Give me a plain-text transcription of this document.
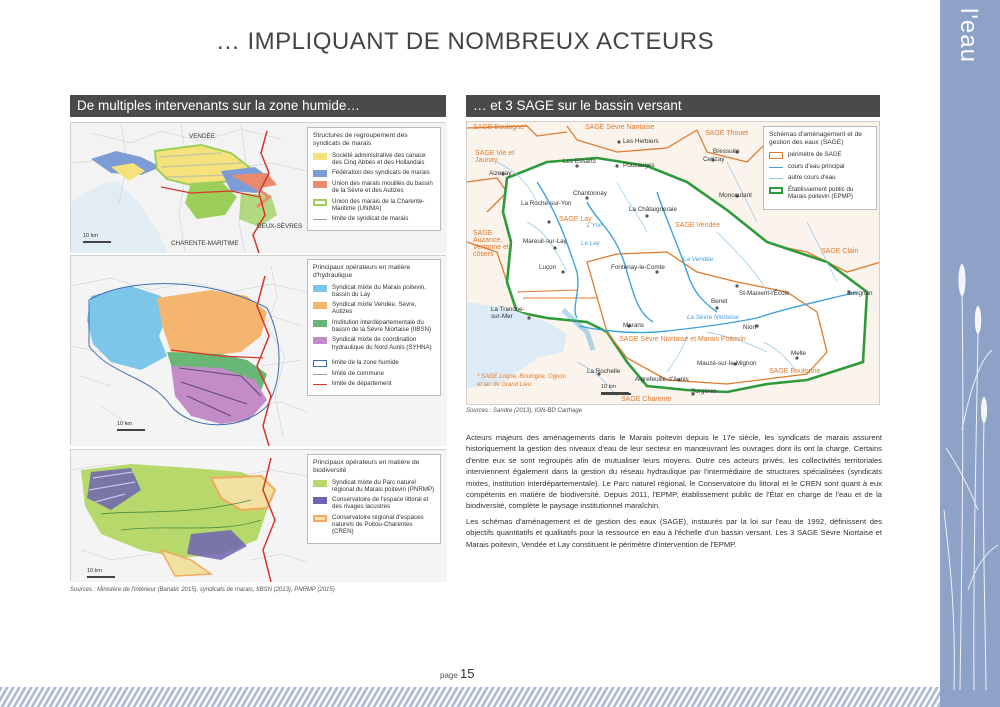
… IMPLIQUANT DE NOMBREUX ACTEURS	l'eau
De multiples intervenants sur la zone humide…
VENDÉE
DEUX-SÈVRES
CHARENTE-MARITIME
10 km
Structures de regroupement des syndicats de marais
Société administrative des canaux des Cinq Abbés et des Hollandais
Fédération des syndicats de marais
Union des marais mouillés du bassin de la Sèvre et des Autizes
Union des marais de la Charente-Maritime (UNIMA)
limite de syndicat de marais
10 km
Principaux opérateurs en matière d'hydraulique
Syndicat mixte du Marais poitevin, bassin du Lay
Syndicat mixte Vendée, Sèvre, Autizes
Institution interdépartementale du bassin de la Sèvre Niortaise (IIBSN)
Syndicat mixte de coordination hydraulique du Nord Aunis (SYHNA)
limite de la zone humide
limite de commune
limite de département
10 km
Principaux opérateurs en matière de biodiversité
Syndicat mixte du Parc naturel régional du Marais poitevin (PNRMP)
Conservatoire de l'espace littoral et des rivages lacustres
Conservatoire régional d'espaces naturels de Poitou-Charentes (CREN)
Sources : Ministère de l'Intérieur (Banatic 2015), syndicats de marais, IIBSN (2013), PNRMP (2015)
… et 3 SAGE sur le bassin versant
SAGE Boulogne*	SAGE Sèvre Nantaise
SAGE Thouet
SAGE Vie et Jaunay
SAGE Lay
SAGE Vendée
SAGE Auzance, Vertonne et côtiers	SAGE Clain
SAGE Sèvre Niortaise et Marais Poitevin
SAGE Boutonne
SAGE Charente
Les Herbiers
Bressuire
Les Essarts
Pouzauges
Cerizay
Aizenay
Chantonnay	Moncoutant
La Roche-sur-Yon
La Châtaigneraie
Mareuil-sur-Lay
Luçon	Fontenay-le-Comte
St-Maixent-l'École	Lusignan
Benet
La Tranche-sur-Mer
Marans	Niort
La Rochelle
Melle
Mauzé-sur-le-Mignon
Aigrefeuille-d'Aunis
Surgères
Le Lay
L'Yon
La Vendée
La Sèvre Niortaise
* SAGE Logne, Boulogne, Ognon et lac de Grand Lieu	10 km
Schémas d'aménagement et de gestion des eaux (SAGE)
périmètre de SAGE
cours d'eau principal
autre cours d'eau
Établissement public du Marais poitevin (EPMP)
Sources : Sandre (2013), IGN-BD Carthage

Acteurs majeurs des aménagements dans le Marais poitevin depuis le 17e siècle, les syndicats de marais assurent historiquement la gestion des niveaux d'eau de leur secteur en manœuvrant les ouvrages dont ils ont la charge. Certains d'entre eux se sont regroupés afin de mutualiser leurs moyens. Outre ces acteurs privés, les collectivités territoriales interviennent également dans la gestion du réseau hydraulique par l'intermédiaire de structures spécialisées (syndicats mixtes, institution interdépartementale). Le Parc naturel régional, le Conservatoire du littoral et le CREN sont quant à eux compétents en matière de biodiversité. Depuis 2011, l'EPMP, établissement public de l'État en charge de l'eau et de la biodiversité, complète le paysage institutionnel maraîchin.

Les schémas d'aménagement et de gestion des eaux (SAGE), instaurés par la loi sur l'eau de 1992, définissent des objectifs quantitatifs et qualitatifs pour la ressource en eau à l'échelle d'un bassin versant. Les 3 SAGE Sèvre Niortaise et Marais poitevin, Vendée et Lay constituent le périmètre d'intervention de l'EPMP.

page 15
